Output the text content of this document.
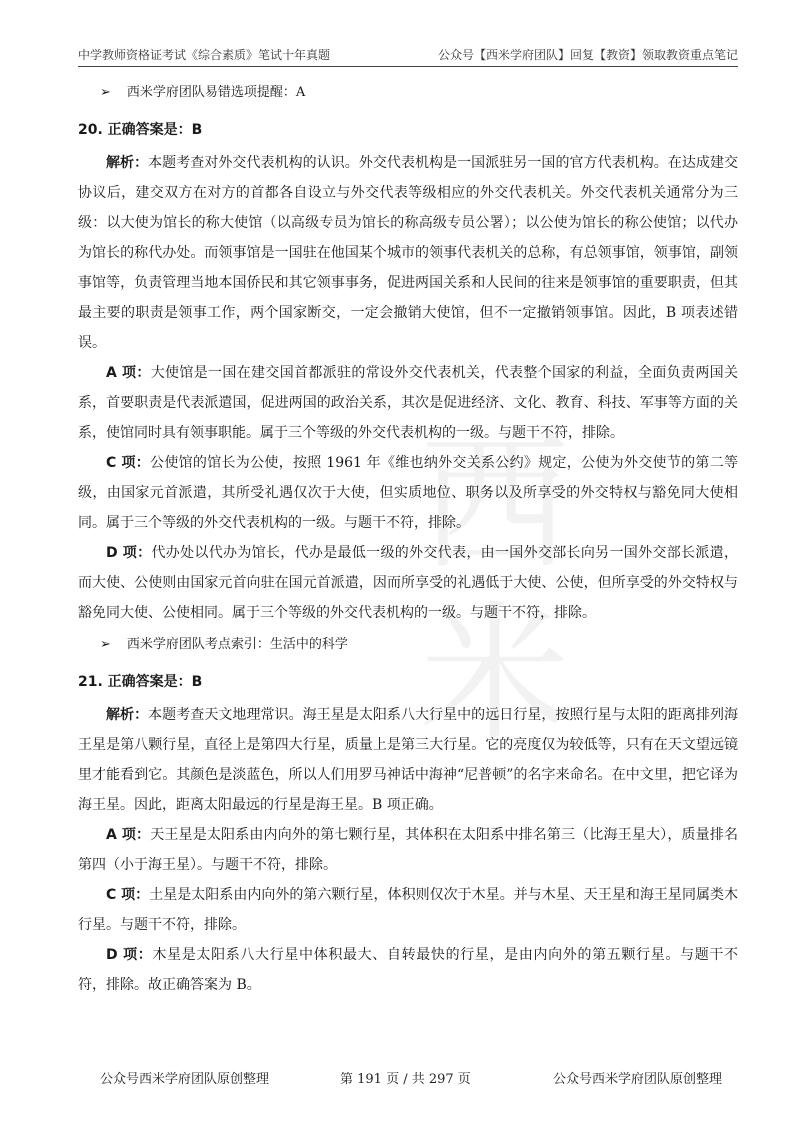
中学教师资格证考试《综合素质》笔试十年真题	公众号【西米学府团队】回复【教资】领取教资重点笔记
西
米
➢ 西米学府团队易错选项提醒：A

20. 正确答案是：B

解析：本题考查对外交代表机构的认识。外交代表机构是一国派驻另一国的官方代表机构。在达成建交协议后，建交双方在对方的首都各自设立与外交代表等级相应的外交代表机关。外交代表机关通常分为三级：以大使为馆长的称大使馆（以高级专员为馆长的称高级专员公署）；以公使为馆长的称公使馆；以代办为馆长的称代办处。而领事馆是一国驻在他国某个城市的领事代表机关的总称，有总领事馆，领事馆，副领事馆等，负责管理当地本国侨民和其它领事事务，促进两国关系和人民间的往来是领事馆的重要职责，但其最主要的职责是领事工作，两个国家断交，一定会撤销大使馆，但不一定撤销领事馆。因此，B 项表述错误。

A 项：大使馆是一国在建交国首都派驻的常设外交代表机关，代表整个国家的利益，全面负责两国关系，首要职责是代表派遣国，促进两国的政治关系，其次是促进经济、文化、教育、科技、军事等方面的关系，使馆同时具有领事职能。属于三个等级的外交代表机构的一级。与题干不符，排除。

C 项：公使馆的馆长为公使，按照 1961 年《维也纳外交关系公约》规定，公使为外交使节的第二等级，由国家元首派遣，其所受礼遇仅次于大使，但实质地位、职务以及所享受的外交特权与豁免同大使相同。属于三个等级的外交代表机构的一级。与题干不符，排除。

D 项：代办处以代办为馆长，代办是最低一级的外交代表，由一国外交部长向另一国外交部长派遣，而大使、公使则由国家元首向驻在国元首派遣，因而所享受的礼遇低于大使、公使，但所享受的外交特权与豁免同大使、公使相同。属于三个等级的外交代表机构的一级。与题干不符，排除。

➢ 西米学府团队考点索引：生活中的科学

21. 正确答案是：B

解析：本题考查天文地理常识。海王星是太阳系八大行星中的远日行星，按照行星与太阳的距离排列海王星是第八颗行星，直径上是第四大行星，质量上是第三大行星。它的亮度仅为较低等，只有在天文望远镜里才能看到它。其颜色是淡蓝色，所以人们用罗马神话中海神“尼普顿”的名字来命名。在中文里，把它译为海王星。因此，距离太阳最远的行星是海王星。B 项正确。

A 项：天王星是太阳系由内向外的第七颗行星，其体积在太阳系中排名第三（比海王星大），质量排名第四（小于海王星）。与题干不符，排除。

C 项：土星是太阳系由内向外的第六颗行星，体积则仅次于木星。并与木星、天王星和海王星同属类木行星。与题干不符，排除。

D 项：木星是太阳系八大行星中体积最大、自转最快的行星，是由内向外的第五颗行星。与题干不符，排除。故正确答案为 B。

公众号西米学府团队原创整理	第 191 页 / 共 297 页	公众号西米学府团队原创整理
